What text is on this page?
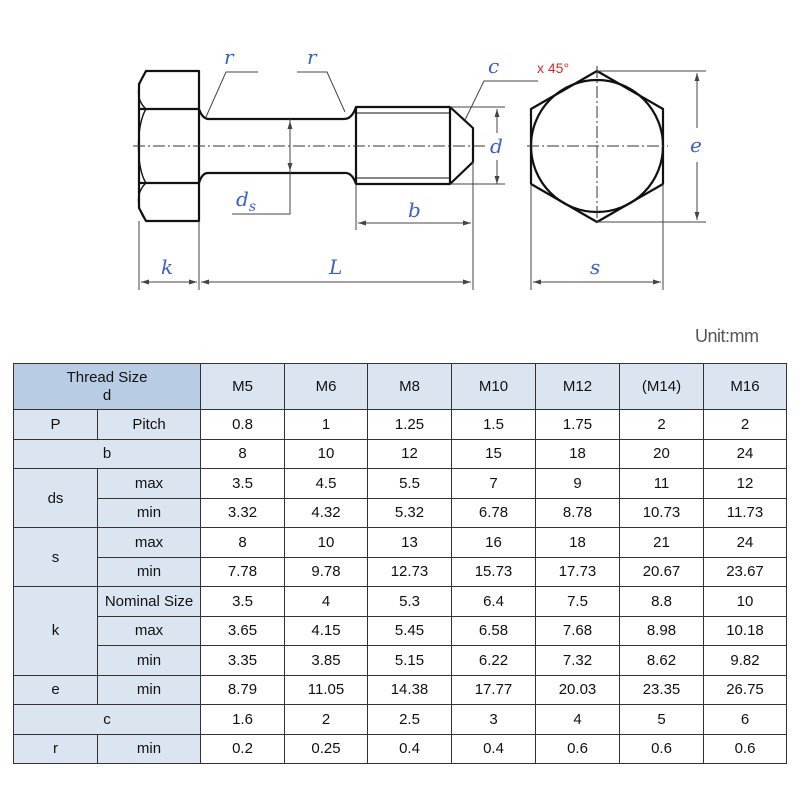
r	r	c	x 45°
d	e
$d_s$	b
k	L	s
Unit:mm
Thread Size
d		M5	M6	M8	M10	M12	(M14)	M16
P	Pitch	0.8	1	1.25	1.5	1.75	2	2
b		8	10	12	15	18	20	24
ds	max	3.5	4.5	5.5	7	9	11	12
	min	3.32	4.32	5.32	6.78	8.78	10.73	11.73
s	max	8	10	13	16	18	21	24
	min	7.78	9.78	12.73	15.73	17.73	20.67	23.67
k	Nominal Size	3.5	4	5.3	6.4	7.5	8.8	10
	max	3.65	4.15	5.45	6.58	7.68	8.98	10.18
	min	3.35	3.85	5.15	6.22	7.32	8.62	9.82
e	min	8.79	11.05	14.38	17.77	20.03	23.35	26.75
c		1.6	2	2.5	3	4	5	6
r	min	0.2	0.25	0.4	0.4	0.6	0.6	0.6
